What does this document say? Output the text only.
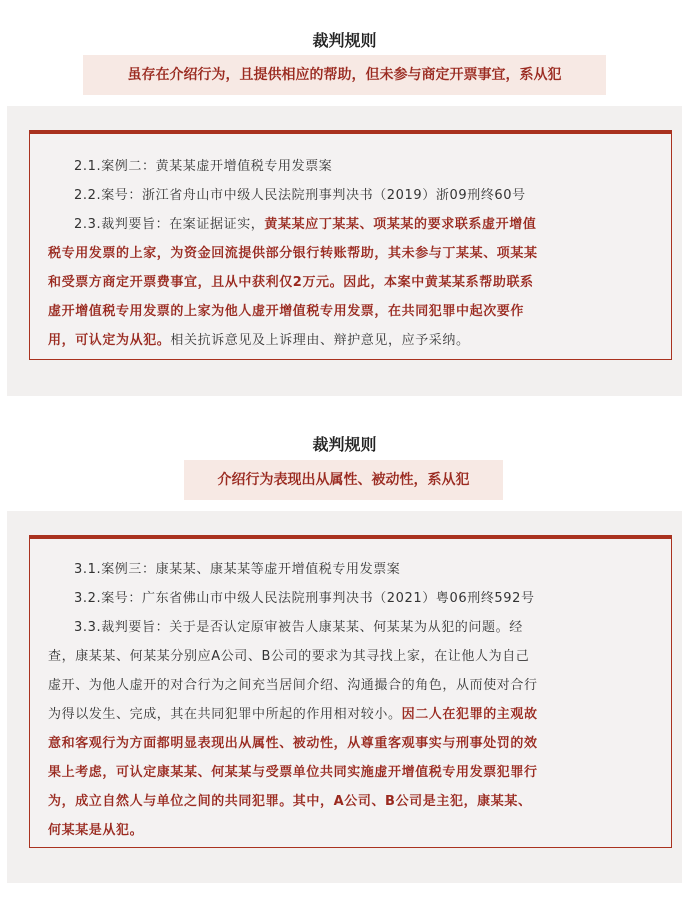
裁判规则
虽存在介绍行为，且提供相应的帮助，但未参与商定开票事宜，系从犯
2.1.案例二：黄某某虚开增值税专用发票案
2.2.案号：浙江省舟山市中级人民法院刑事判决书（2019）浙09刑终60号
2.3.裁判要旨：在案证据证实，黄某某应丁某某、项某某的要求联系虚开增值
税专用发票的上家，为资金回流提供部分银行转账帮助，其未参与丁某某、项某某
和受票方商定开票费事宜，且从中获利仅2万元。因此，本案中黄某某系帮助联系
虚开增值税专用发票的上家为他人虚开增值税专用发票，在共同犯罪中起次要作
用，可认定为从犯。相关抗诉意见及上诉理由、辩护意见，应予采纳。
裁判规则
介绍行为表现出从属性、被动性，系从犯
3.1.案例三：康某某、康某某等虚开增值税专用发票案
3.2.案号：广东省佛山市中级人民法院刑事判决书（2021）粤06刑终592号
3.3.裁判要旨：关于是否认定原审被告人康某某、何某某为从犯的问题。经
查，康某某、何某某分别应A公司、B公司的要求为其寻找上家，在让他人为自己
虚开、为他人虚开的对合行为之间充当居间介绍、沟通撮合的角色，从而使对合行
为得以发生、完成，其在共同犯罪中所起的作用相对较小。因二人在犯罪的主观故
意和客观行为方面都明显表现出从属性、被动性，从尊重客观事实与刑事处罚的效
果上考虑，可认定康某某、何某某与受票单位共同实施虚开增值税专用发票犯罪行
为，成立自然人与单位之间的共同犯罪。其中，A公司、B公司是主犯，康某某、
何某某是从犯。
